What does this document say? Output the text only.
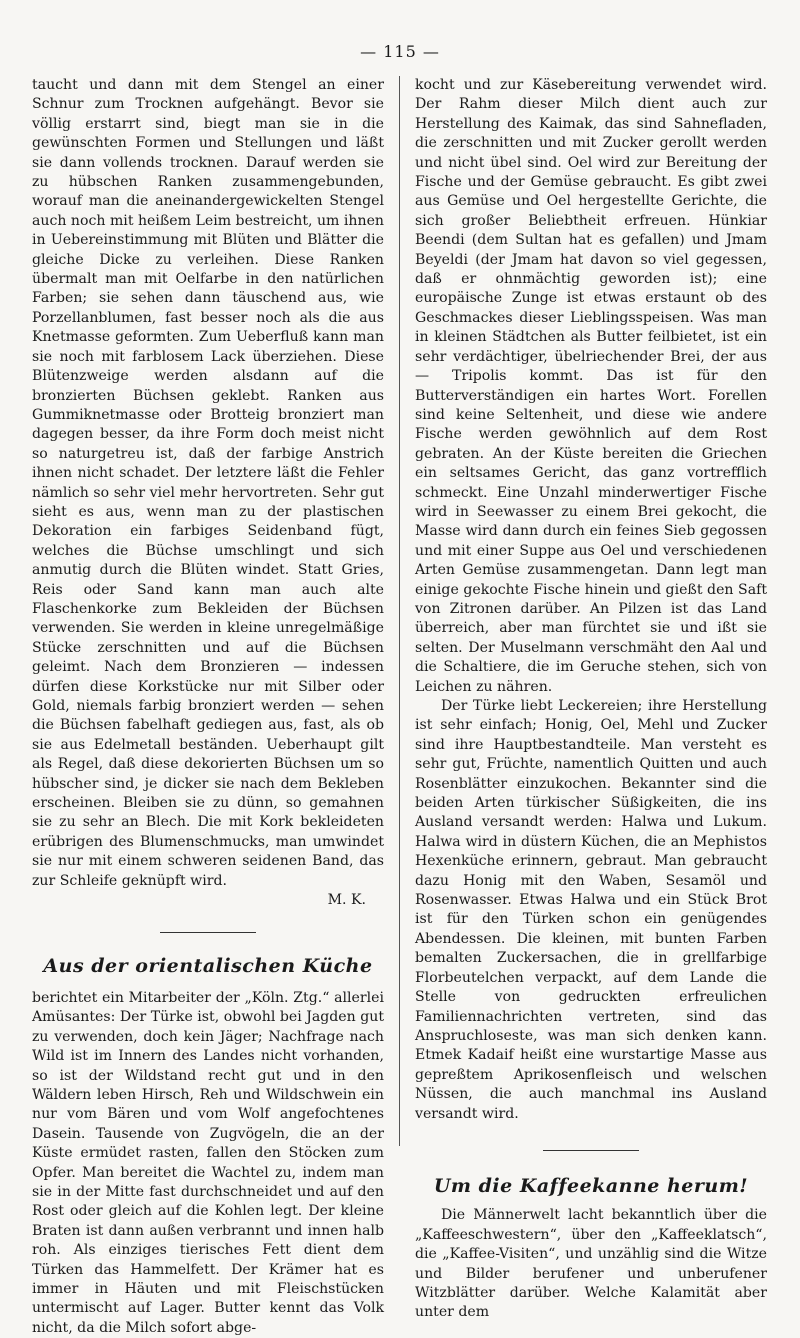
— 115 —

taucht und dann mit dem Stengel an einer Schnur zum Trocknen aufgehängt. Bevor sie völlig erstarrt sind, biegt man sie in die gewünschten Formen und Stellungen und läßt sie dann vollends trocknen. Darauf werden sie zu hübschen Ranken zusammengebunden, worauf man die aneinandergewickelten Stengel auch noch mit heißem Leim bestreicht, um ihnen in Uebereinstimmung mit Blüten und Blätter die gleiche Dicke zu verleihen. Diese Ranken übermalt man mit Oelfarbe in den natürlichen Farben; sie sehen dann täuschend aus, wie Porzellanblumen, fast besser noch als die aus Knetmasse geformten. Zum Ueberfluß kann man sie noch mit farblosem Lack überziehen. Diese Blütenzweige werden alsdann auf die bronzierten Büchsen geklebt. Ranken aus Gummiknetmasse oder Brotteig bronziert man dagegen besser, da ihre Form doch meist nicht so naturgetreu ist, daß der farbige Anstrich ihnen nicht schadet. Der letztere läßt die Fehler nämlich so sehr viel mehr hervortreten. Sehr gut sieht es aus, wenn man zu der plastischen Dekoration ein farbiges Seidenband fügt, welches die Büchse umschlingt und sich anmutig durch die Blüten windet. Statt Gries, Reis oder Sand kann man auch alte Flaschenkorke zum Bekleiden der Büchsen verwenden. Sie werden in kleine unregelmäßige Stücke zerschnitten und auf die Büchsen geleimt. Nach dem Bronzieren — indessen dürfen diese Korkstücke nur mit Silber oder Gold, niemals farbig bronziert werden — sehen die Büchsen fabelhaft gediegen aus, fast, als ob sie aus Edelmetall beständen. Ueberhaupt gilt als Regel, daß diese dekorierten Büchsen um so hübscher sind, je dicker sie nach dem Bekleben erscheinen. Bleiben sie zu dünn, so gemahnen sie zu sehr an Blech. Die mit Kork bekleideten erübrigen des Blumenschmucks, man umwindet sie nur mit einem schweren seidenen Band, das zur Schleife geknüpft wird.

M. K.

Aus der orientalischen Küche

berichtet ein Mitarbeiter der „Köln. Ztg.“ allerlei Amüsantes: Der Türke ist, obwohl bei Jagden gut zu verwenden, doch kein Jäger; Nachfrage nach Wild ist im Innern des Landes nicht vorhanden, so ist der Wildstand recht gut und in den Wäldern leben Hirsch, Reh und Wildschwein ein nur vom Bären und vom Wolf angefochtenes Dasein. Tausende von Zugvögeln, die an der Küste ermüdet rasten, fallen den Stöcken zum Opfer. Man bereitet die Wachtel zu, indem man sie in der Mitte fast durchschneidet und auf den Rost oder gleich auf die Kohlen legt. Der kleine Braten ist dann außen verbrannt und innen halb roh. Als einziges tierisches Fett dient dem Türken das Hammelfett. Der Krämer hat es immer in Häuten und mit Fleischstücken untermischt auf Lager. Butter kennt das Volk nicht, da die Milch sofort abge-

kocht und zur Käsebereitung verwendet wird. Der Rahm dieser Milch dient auch zur Herstellung des Kaimak, das sind Sahnefladen, die zerschnitten und mit Zucker gerollt werden und nicht übel sind. Oel wird zur Bereitung der Fische und der Gemüse gebraucht. Es gibt zwei aus Gemüse und Oel hergestellte Gerichte, die sich großer Beliebtheit erfreuen. Hünkiar Beendi (dem Sultan hat es gefallen) und Jmam Beyeldi (der Jmam hat davon so viel gegessen, daß er ohnmächtig geworden ist); eine europäische Zunge ist etwas erstaunt ob des Geschmackes dieser Lieblingsspeisen. Was man in kleinen Städtchen als Butter feilbietet, ist ein sehr verdächtiger, übelriechender Brei, der aus — Tripolis kommt. Das ist für den Butterverständigen ein hartes Wort. Forellen sind keine Seltenheit, und diese wie andere Fische werden gewöhnlich auf dem Rost gebraten. An der Küste bereiten die Griechen ein seltsames Gericht, das ganz vortrefflich schmeckt. Eine Unzahl minderwertiger Fische wird in Seewasser zu einem Brei gekocht, die Masse wird dann durch ein feines Sieb gegossen und mit einer Suppe aus Oel und verschiedenen Arten Gemüse zusammengetan. Dann legt man einige gekochte Fische hinein und gießt den Saft von Zitronen darüber. An Pilzen ist das Land überreich, aber man fürchtet sie und ißt sie selten. Der Muselmann verschmäht den Aal und die Schaltiere, die im Geruche stehen, sich von Leichen zu nähren.

Der Türke liebt Leckereien; ihre Herstellung ist sehr einfach; Honig, Oel, Mehl und Zucker sind ihre Hauptbestandteile. Man versteht es sehr gut, Früchte, namentlich Quitten und auch Rosenblätter einzukochen. Bekannter sind die beiden Arten türkischer Süßigkeiten, die ins Ausland versandt werden: Halwa und Lukum. Halwa wird in düstern Küchen, die an Mephistos Hexenküche erinnern, gebraut. Man gebraucht dazu Honig mit den Waben, Sesamöl und Rosenwasser. Etwas Halwa und ein Stück Brot ist für den Türken schon ein genügendes Abendessen. Die kleinen, mit bunten Farben bemalten Zuckersachen, die in grellfarbige Florbeutelchen verpackt, auf dem Lande die Stelle von gedruckten erfreulichen Familiennachrichten vertreten, sind das Anspruchloseste, was man sich denken kann. Etmek Kadaif heißt eine wurstartige Masse aus gepreßtem Aprikosenfleisch und welschen Nüssen, die auch manchmal ins Ausland versandt wird.

Um die Kaffeekanne herum!

Die Männerwelt lacht bekanntlich über die „Kaffeeschwestern“, über den „Kaffeeklatsch“, die „Kaffee-Visiten“, und unzählig sind die Witze und Bilder berufener und unberufener Witzblätter darüber. Welche Kalamität aber unter dem
